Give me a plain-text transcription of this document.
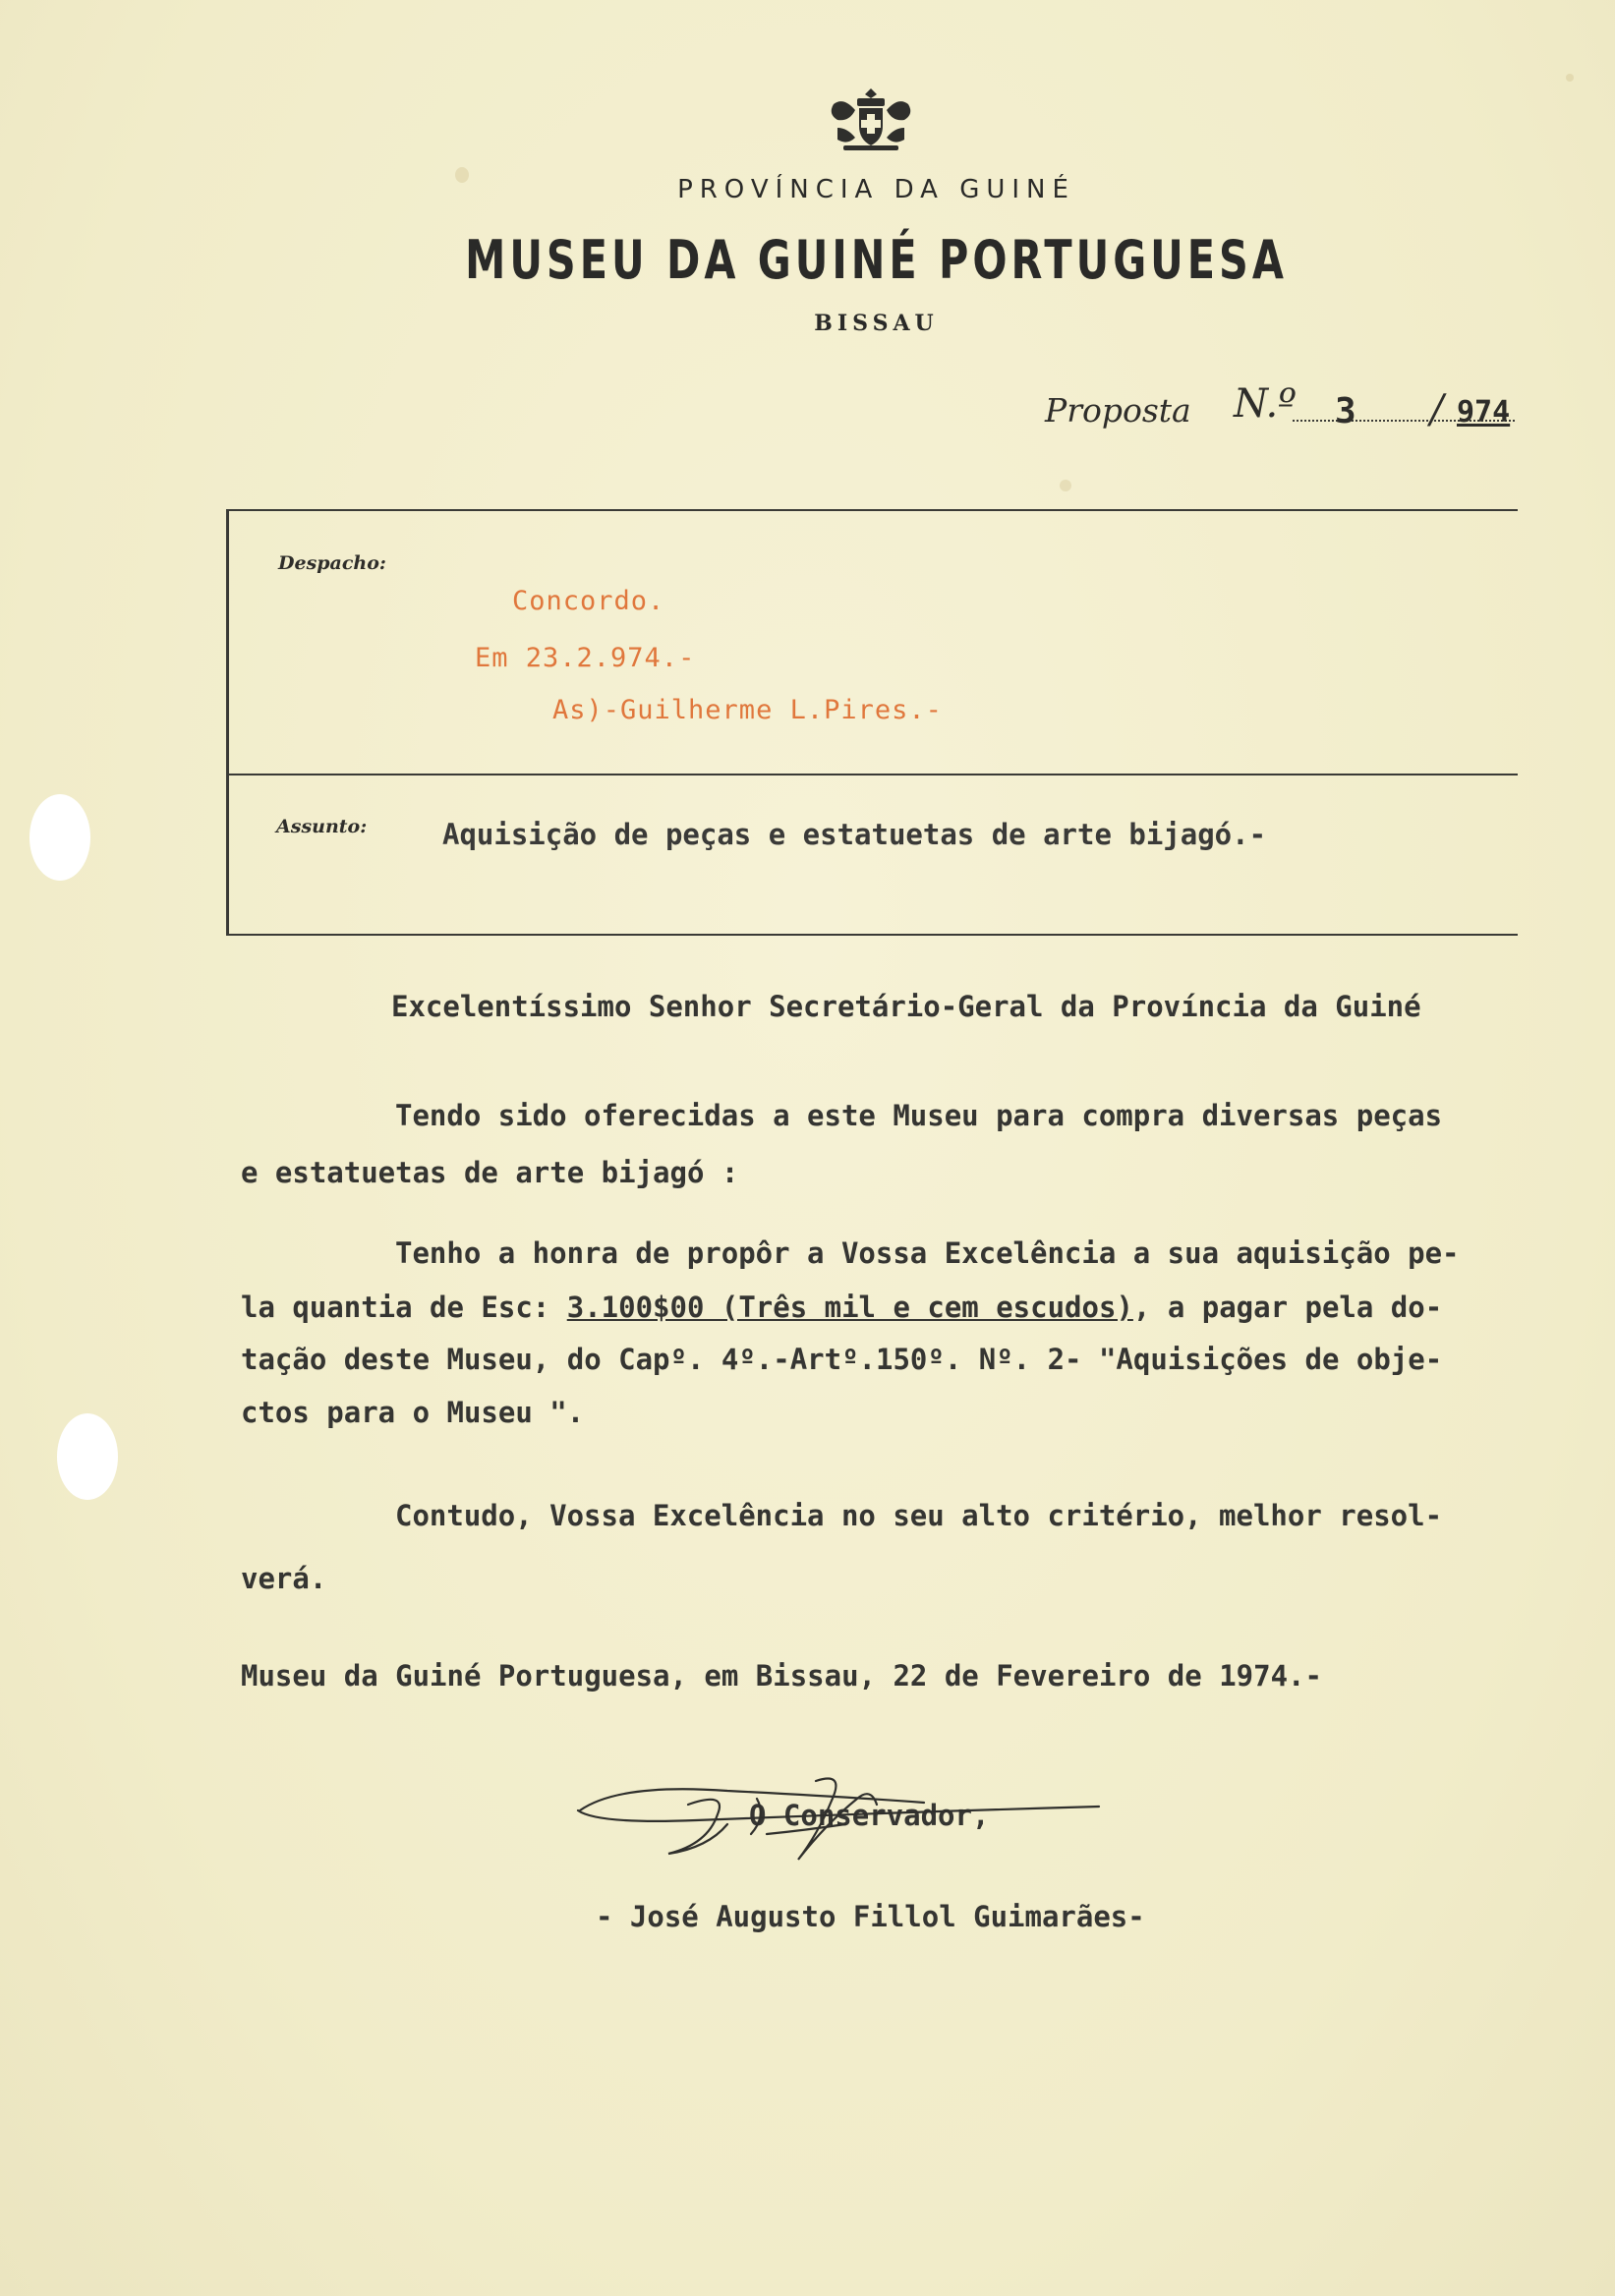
PROVÍNCIA DA GUINÉ
MUSEU DA GUINÉ PORTUGUESA
BISSAU
Proposta N.º 3 / 974
Despacho:
Concordo.
Em 23.2.974.-
As)-Guilherme L.Pires.-
Assunto:	Aquisição de peças e estatuetas de arte bijagó.-
Excelentíssimo Senhor Secretário-Geral da Província da Guiné
Tendo sido oferecidas a este Museu para compra diversas peças
e estatuetas de arte bijagó :
Tenho a honra de propôr a Vossa Excelência a sua aquisição pe-
la quantia de Esc: 3.100$00 (Três mil e cem escudos), a pagar pela do-
tação deste Museu, do Capº. 4º.-Artº.150º. Nº. 2- "Aquisições de obje-
ctos para o Museu ".
Contudo, Vossa Excelência no seu alto critério, melhor resol-
verá.
Museu da Guiné Portuguesa, em Bissau, 22 de Fevereiro de 1974.-
O Conservador,
- José Augusto Fillol Guimarães-
